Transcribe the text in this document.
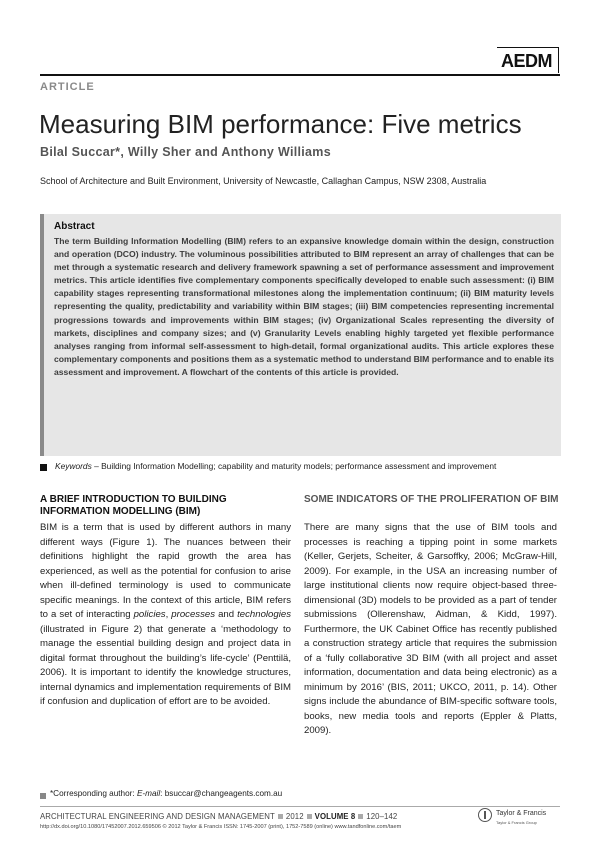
AEDM
ARTICLE
Measuring BIM performance: Five metrics
Bilal Succar*, Willy Sher and Anthony Williams
School of Architecture and Built Environment, University of Newcastle, Callaghan Campus, NSW 2308, Australia
Abstract

The term Building Information Modelling (BIM) refers to an expansive knowledge domain within the design, construction and operation (DCO) industry. The voluminous possibilities attributed to BIM represent an array of challenges that can be met through a systematic research and delivery framework spawning a set of performance assessment and improvement metrics. This article identifies five complementary components specifically developed to enable such assessment: (i) BIM capability stages representing transformational milestones along the implementation continuum; (ii) BIM maturity levels representing the quality, predictability and variability within BIM stages; (iii) BIM competencies representing incremental progressions towards and improvements within BIM stages; (iv) Organizational Scales representing the diversity of markets, disciplines and company sizes; and (v) Granularity Levels enabling highly targeted yet flexible performance analyses ranging from informal self-assessment to high-detail, formal organizational audits. This article explores these complementary components and positions them as a systematic method to understand BIM performance and to enable its assessment and improvement. A flowchart of the contents of this article is provided.

Keywords – Building Information Modelling; capability and maturity models; performance assessment and improvement
A BRIEF INTRODUCTION TO BUILDING INFORMATION MODELLING (BIM)

BIM is a term that is used by different authors in many different ways (Figure 1). The nuances between their definitions highlight the rapid growth the area has experienced, as well as the potential for confusion to arise when ill-defined terminology is used to communicate specific meanings. In the context of this article, BIM refers to a set of interacting policies, processes and technologies (illustrated in Figure 2) that generate a ‘methodology to manage the essential building design and project data in digital format throughout the building’s life-cycle’ (Penttilä, 2006). It is important to identify the knowledge structures, internal dynamics and implementation requirements of BIM if confusion and duplication of effort are to be avoided.

SOME INDICATORS OF THE PROLIFERATION OF BIM

There are many signs that the use of BIM tools and processes is reaching a tipping point in some markets (Keller, Gerjets, Scheiter, & Garsoffky, 2006; McGraw-Hill, 2009). For example, in the USA an increasing number of large institutional clients now require object-based three-dimensional (3D) models to be provided as a part of tender submissions (Ollerenshaw, Aidman, & Kidd, 1997). Furthermore, the UK Cabinet Office has recently published a construction strategy article that requires the submission of a ‘fully collaborative 3D BIM (with all project and asset information, documentation and data being electronic) as a minimum by 2016’ (BIS, 2011; UKCO, 2011, p. 14). Other signs include the abundance of BIM-specific software tools, books, new media tools and reports (Eppler & Platts, 2009).

*Corresponding author: E-mail: bsuccar@changeagents.com.au
ARCHITECTURAL ENGINEERING AND DESIGN MANAGEMENT 2012 VOLUME 8 120–142
http://dx.doi.org/10.1080/17452007.2012.659506 © 2012 Taylor & Francis ISSN: 1745-2007 (print), 1752-7589 (online) www.tandfonline.com/taem
Taylor & Francis
Taylor & Francis Group
